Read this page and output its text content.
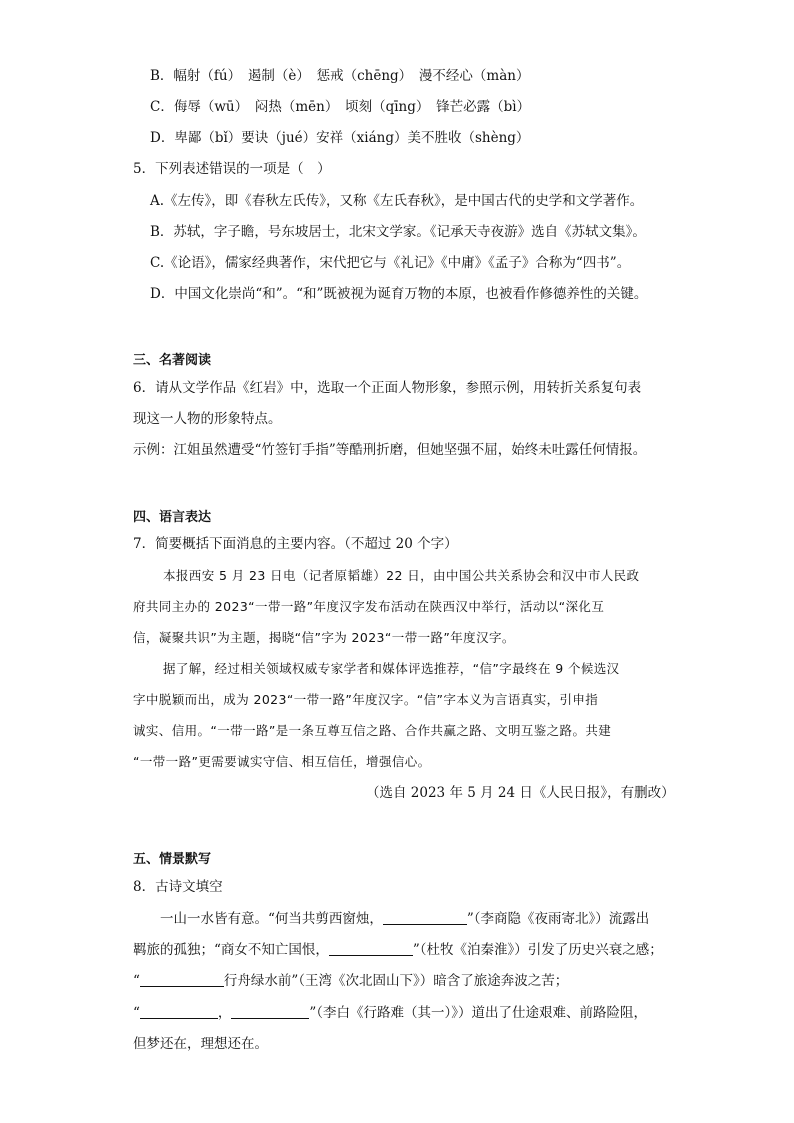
B．幅射（fú）　遏制（è）　惩戒（chēng）　漫不经心（màn）
C．侮辱（wū）　闷热（mēn）　顷刻（qīng）　锋芒必露（bì）
D．卑鄙（bǐ）要诀（jué）安祥（xiáng）美不胜收（shèng）
5．下列表述错误的一项是（　）
A.《左传》，即《春秋左氏传》，又称《左氏春秋》，是中国古代的史学和文学著作。
B．苏轼，字子瞻，号东坡居士，北宋文学家。《记承天寺夜游》选自《苏轼文集》。
C.《论语》，儒家经典著作，宋代把它与《礼记》《中庸》《孟子》合称为“四书”。
D．中国文化崇尚“和”。“和”既被视为诞育万物的本原，也被看作修德养性的关键。
三、名著阅读
6．请从文学作品《红岩》中，选取一个正面人物形象，参照示例，用转折关系复句表
现这一人物的形象特点。
示例：江姐虽然遭受“竹签钉手指”等酷刑折磨，但她坚强不屈，始终未吐露任何情报。
四、语言表达
7．简要概括下面消息的主要内容。（不超过 20 个字）
本报西安 5 月 23 日电（记者原韬雄）22 日，由中国公共关系协会和汉中市人民政
府共同主办的 2023“一带一路”年度汉字发布活动在陕西汉中举行，活动以“深化互
信，凝聚共识”为主题，揭晓“信”字为 2023“一带一路”年度汉字。
据了解，经过相关领域权威专家学者和媒体评选推荐，“信”字最终在 9 个候选汉
字中脱颖而出，成为 2023“一带一路”年度汉字。“信”字本义为言语真实，引申指
诚实、信用。“一带一路”是一条互尊互信之路、合作共赢之路、文明互鉴之路。共建
“一带一路”更需要诚实守信、相互信任，增强信心。
（选自 2023 年 5 月 24 日《人民日报》，有删改）
五、情景默写
8．古诗文填空
一山一水皆有意。“何当共剪西窗烛，	”（李商隐《夜雨寄北》）流露出
羁旅的孤独；“商女不知亡国恨，	”（杜牧《泊秦淮》）引发了历史兴衰之感；
“	行舟绿水前”（王湾《次北固山下》）暗含了旅途奔波之苦；
“	，	”（李白《行路难（其一）》）道出了仕途艰难、前路险阻，
但梦还在，理想还在。
